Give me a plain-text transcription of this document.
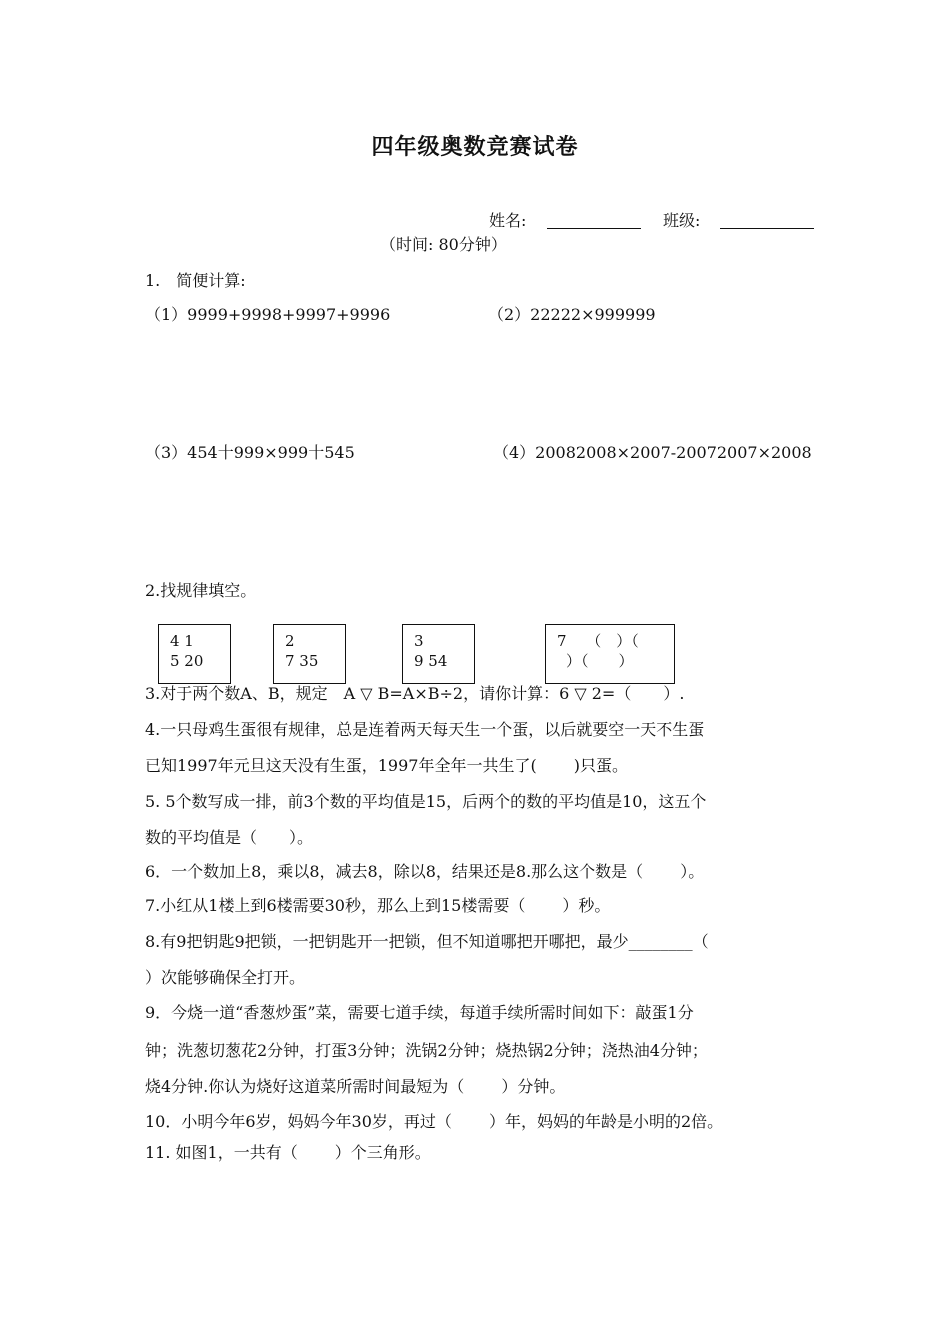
四年级奥数竞赛试卷
姓名:	班级:
（时间: 80分钟）
1.　简便计算:
（1）9999+9998+9997+9996	（2）22222×999999
（3）454十999×999十545	（4）20082008×2007-20072007×2008
2.找规律填空。
4 1
5 20
2
7 35
3
9 54
7　 （　）（
）（　　）
3.对于两个数A、B，规定　A ▽ B=A×B÷2，请你计算：6 ▽ 2=（　　）.
4.一只母鸡生蛋很有规律，总是连着两天每天生一个蛋，以后就要空一天不生蛋
已知1997年元旦这天没有生蛋，1997年全年一共生了(　　 )只蛋。
5. 5个数写成一排，前3个数的平均值是15，后两个的数的平均值是10，这五个
数的平均值是（　　）。
6．一个数加上8，乘以8，减去8，除以8，结果还是8.那么这个数是（　　 ）。
7.小红从1楼上到6楼需要30秒，那么上到15楼需要（　　 ）秒。
8.有9把钥匙9把锁，一把钥匙开一把锁，但不知道哪把开哪把，最少________（
）次能够确保全打开。
9．今烧一道“香葱炒蛋”菜，需要七道手续，每道手续所需时间如下：敲蛋1分
钟；洗葱切葱花2分钟，打蛋3分钟；洗锅2分钟；烧热锅2分钟；浇热油4分钟；
烧4分钟.你认为烧好这道菜所需时间最短为（　　 ）分钟。
10．小明今年6岁，妈妈今年30岁，再过（　　 ）年，妈妈的年龄是小明的2倍。
11. 如图1，一共有（　　 ）个三角形。
